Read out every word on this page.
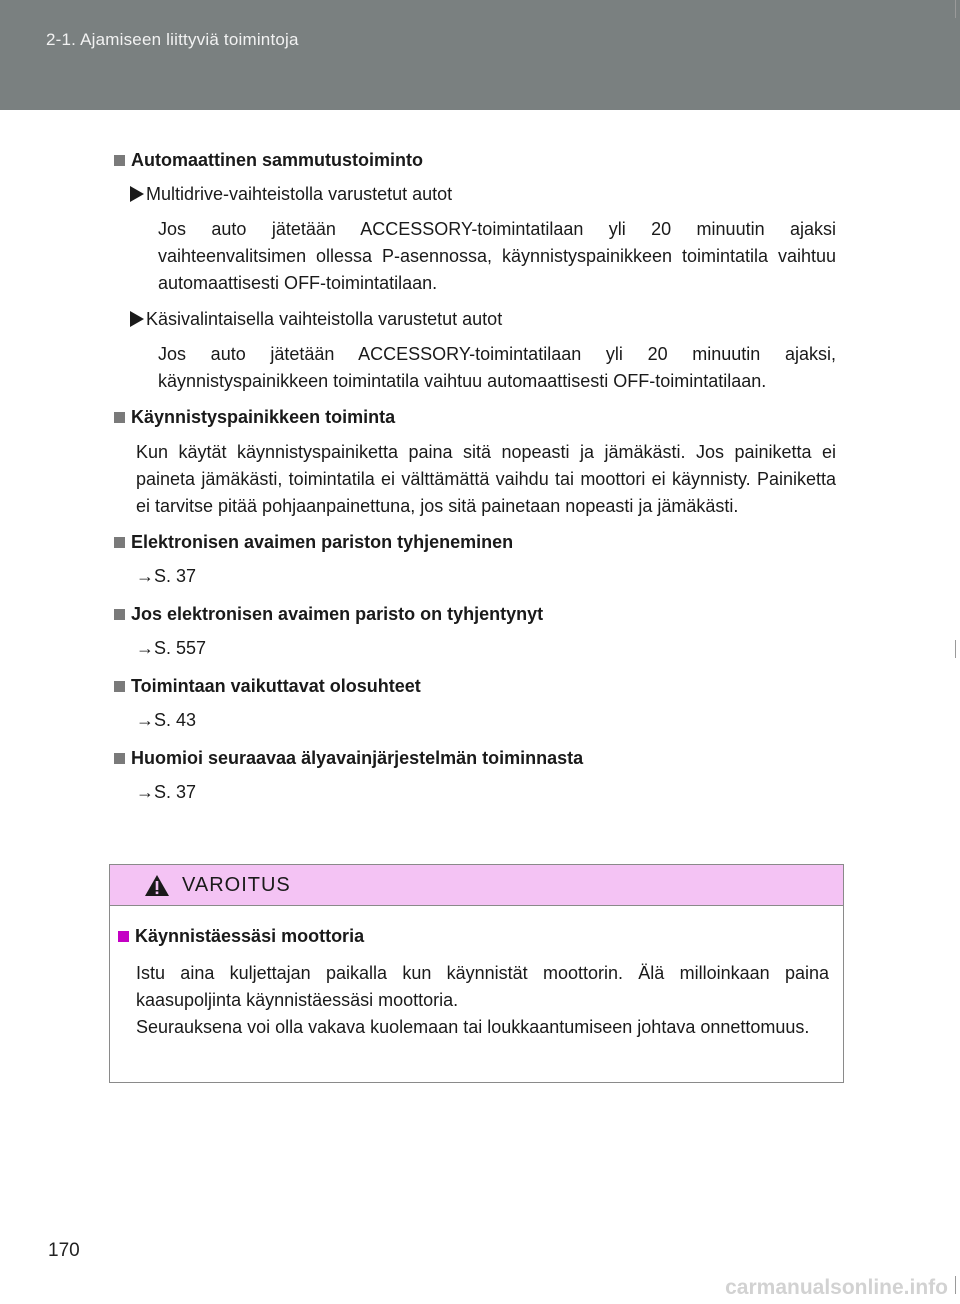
2-1. Ajamiseen liittyviä toimintoja
Automaattinen sammutustoiminto
Multidrive-vaihteistolla varustetut autot
Jos auto jätetään ACCESSORY-toimintatilaan yli 20 minuutin ajaksi vaihteenvalitsimen ollessa P-asennossa, käynnistyspainikkeen toimintatila vaihtuu automaattisesti OFF-toimintatilaan.
Käsivalintaisella vaihteistolla varustetut autot
Jos auto jätetään ACCESSORY-toimintatilaan yli 20 minuutin ajaksi, käynnistyspainikkeen toimintatila vaihtuu automaattisesti OFF-toimintatilaan.
Käynnistyspainikkeen toiminta
Kun käytät käynnistyspainiketta paina sitä nopeasti ja jämäkästi. Jos painiketta ei paineta jämäkästi, toimintatila ei välttämättä vaihdu tai moottori ei käynnisty. Painiketta ei tarvitse pitää pohjaanpainettuna, jos sitä painetaan nopeasti ja jämäkästi.
Elektronisen avaimen pariston tyhjeneminen
→S. 37
Jos elektronisen avaimen paristo on tyhjentynyt
→S. 557
Toimintaan vaikuttavat olosuhteet
→S. 43
Huomioi seuraavaa älyavainjärjestelmän toiminnasta
→S. 37
VAROITUS
Käynnistäessäsi moottoria
Istu aina kuljettajan paikalla kun käynnistät moottorin. Älä milloinkaan paina kaasupoljinta käynnistäessäsi moottoria.
Seurauksena voi olla vakava kuolemaan tai loukkaantumiseen johtava onnettomuus.
170
carmanualsonline.info
